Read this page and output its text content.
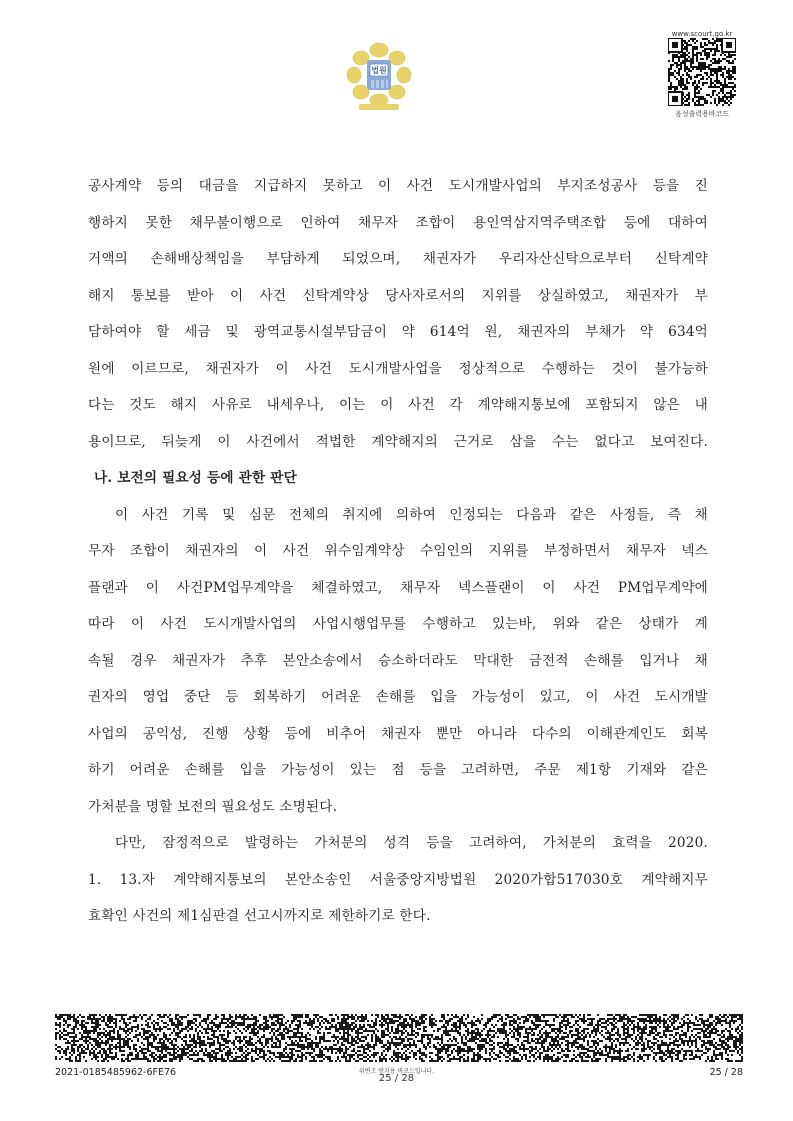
법원
www.scourt.go.kr
음성출력용바코드
공사계약 등의 대금을 지급하지 못하고 이 사건 도시개발사업의 부지조성공사 등을 진
행하지 못한 채무불이행으로 인하여 채무자 조합이 용인역삼지역주택조합 등에 대하여
거액의 손해배상책임을 부담하게 되었으며, 채권자가 우리자산신탁으로부터 신탁계약
해지 통보를 받아 이 사건 신탁계약상 당사자로서의 지위를 상실하였고, 채권자가 부
담하여야 할 세금 및 광역교통시설부담금이 약 614억 원, 채권자의 부채가 약 634억
원에 이르므로, 채권자가 이 사건 도시개발사업을 정상적으로 수행하는 것이 불가능하
다는 것도 해지 사유로 내세우나, 이는 이 사건 각 계약해지통보에 포함되지 않은 내
용이므로, 뒤늦게 이 사건에서 적법한 계약해지의 근거로 삼을 수는 없다고 보여진다.
나. 보전의 필요성 등에 관한 판단
이 사건 기록 및 심문 전체의 취지에 의하여 인정되는 다음과 같은 사정들, 즉 채
무자 조합이 채권자의 이 사건 위수임계약상 수임인의 지위를 부정하면서 채무자 넥스
플랜과 이 사건PM업무계약을 체결하였고, 채무자 넥스플랜이 이 사건 PM업무계약에
따라 이 사건 도시개발사업의 사업시행업무를 수행하고 있는바, 위와 같은 상태가 계
속될 경우 채권자가 추후 본안소송에서 승소하더라도 막대한 금전적 손해를 입거나 채
권자의 영업 중단 등 회복하기 어려운 손해를 입을 가능성이 있고, 이 사건 도시개발
사업의 공익성, 진행 상황 등에 비추어 채권자 뿐만 아니라 다수의 이해관계인도 회복
하기 어려운 손해를 입을 가능성이 있는 점 등을 고려하면, 주문 제1항 기재와 같은
가처분을 명할 보전의 필요성도 소명된다.
다만, 잠정적으로 발령하는 가처분의 성격 등을 고려하여, 가처분의 효력을 2020.
1. 13.자 계약해지통보의 본안소송인 서울중앙지방법원 2020가합517030호 계약해지무
효확인 사건의 제1심판결 선고시까지로 제한하기로 한다.
2021-0185485962-6FE76	위변조 방지용 바코드입니다.
25 / 28
25 / 28
